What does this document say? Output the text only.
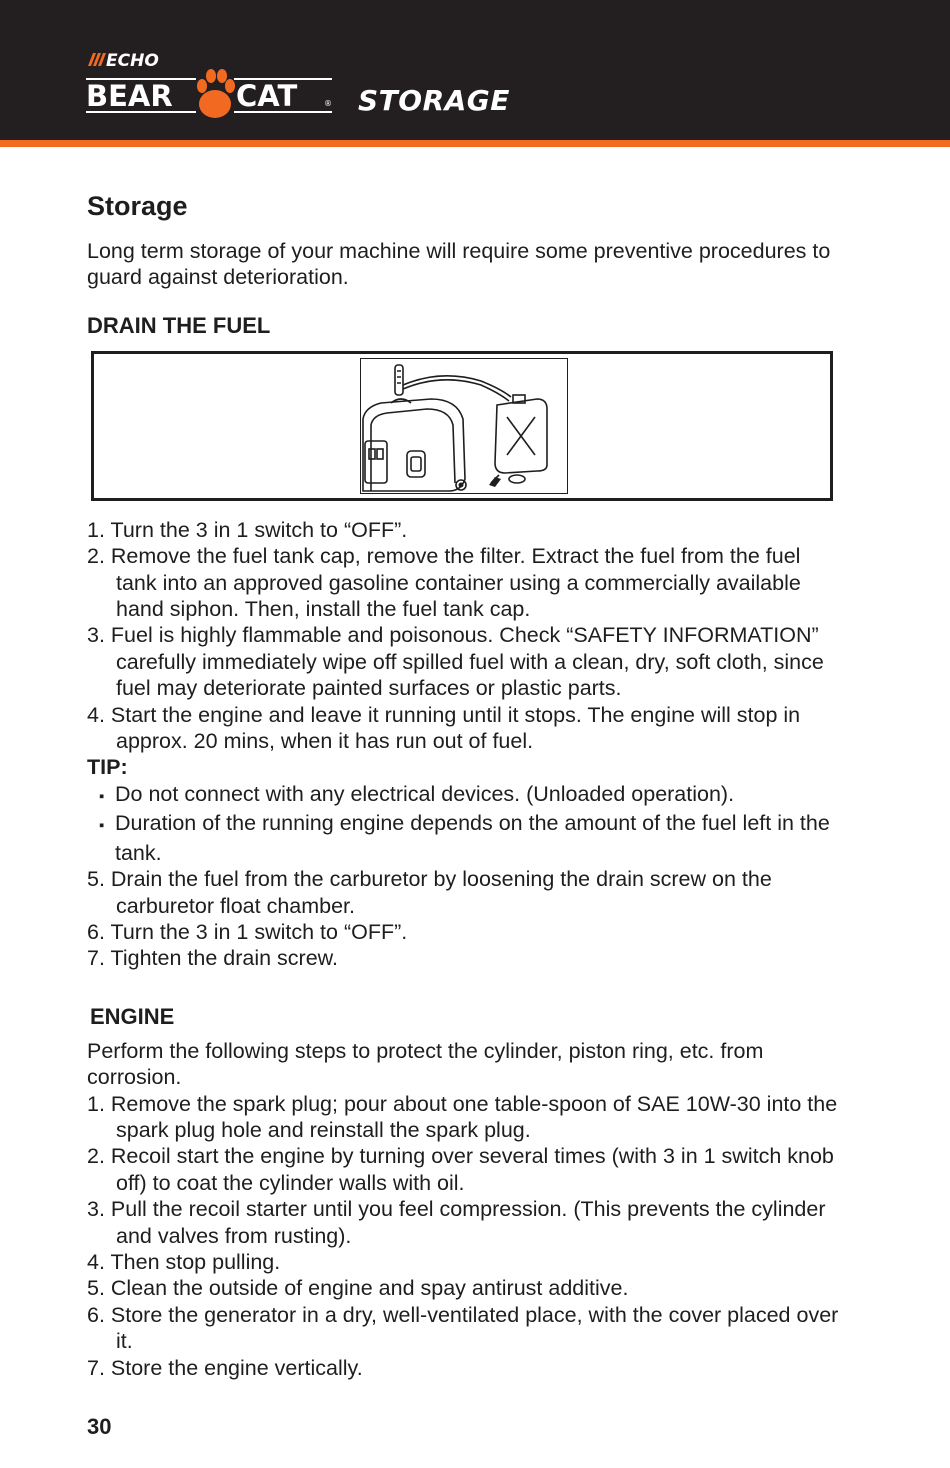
ECHO
BEAR CAT	® STORAGE
Storage

Long term storage of your machine will require some preventive procedures to guard against deterioration.

DRAIN THE FUEL
1. Turn the 3 in 1 switch to “OFF”.
2. Remove the fuel tank cap, remove the filter. Extract the fuel from the fuel tank into an approved gasoline container using a commercially available hand siphon. Then, install the fuel tank cap.
3. Fuel is highly flammable and poisonous. Check “SAFETY INFORMATION” carefully immediately wipe off spilled fuel with a clean, dry, soft cloth, since fuel may deteriorate painted surfaces or plastic parts.
4. Start the engine and leave it running until it stops. The engine will stop in approx. 20 mins, when it has run out of fuel.
TIP:
▪ Do not connect with any electrical devices. (Unloaded operation).
▪ Duration of the running engine depends on the amount of the fuel left in the tank.
5. Drain the fuel from the carburetor by loosening the drain screw on the carburetor float chamber.
6. Turn the 3 in 1 switch to “OFF”.
7. Tighten the drain screw.
ENGINE

Perform the following steps to protect the cylinder, piston ring, etc. from corrosion.

1. Remove the spark plug; pour about one table-spoon of SAE 10W-30 into the spark plug hole and reinstall the spark plug.
2. Recoil start the engine by turning over several times (with 3 in 1 switch knob off) to coat the cylinder walls with oil.
3. Pull the recoil starter until you feel compression. (This prevents the cylinder and valves from rusting).
4. Then stop pulling.
5. Clean the outside of engine and spay antirust additive.
6. Store the generator in a dry, well-ventilated place, with the cover placed over it.
7. Store the engine vertically.
30
